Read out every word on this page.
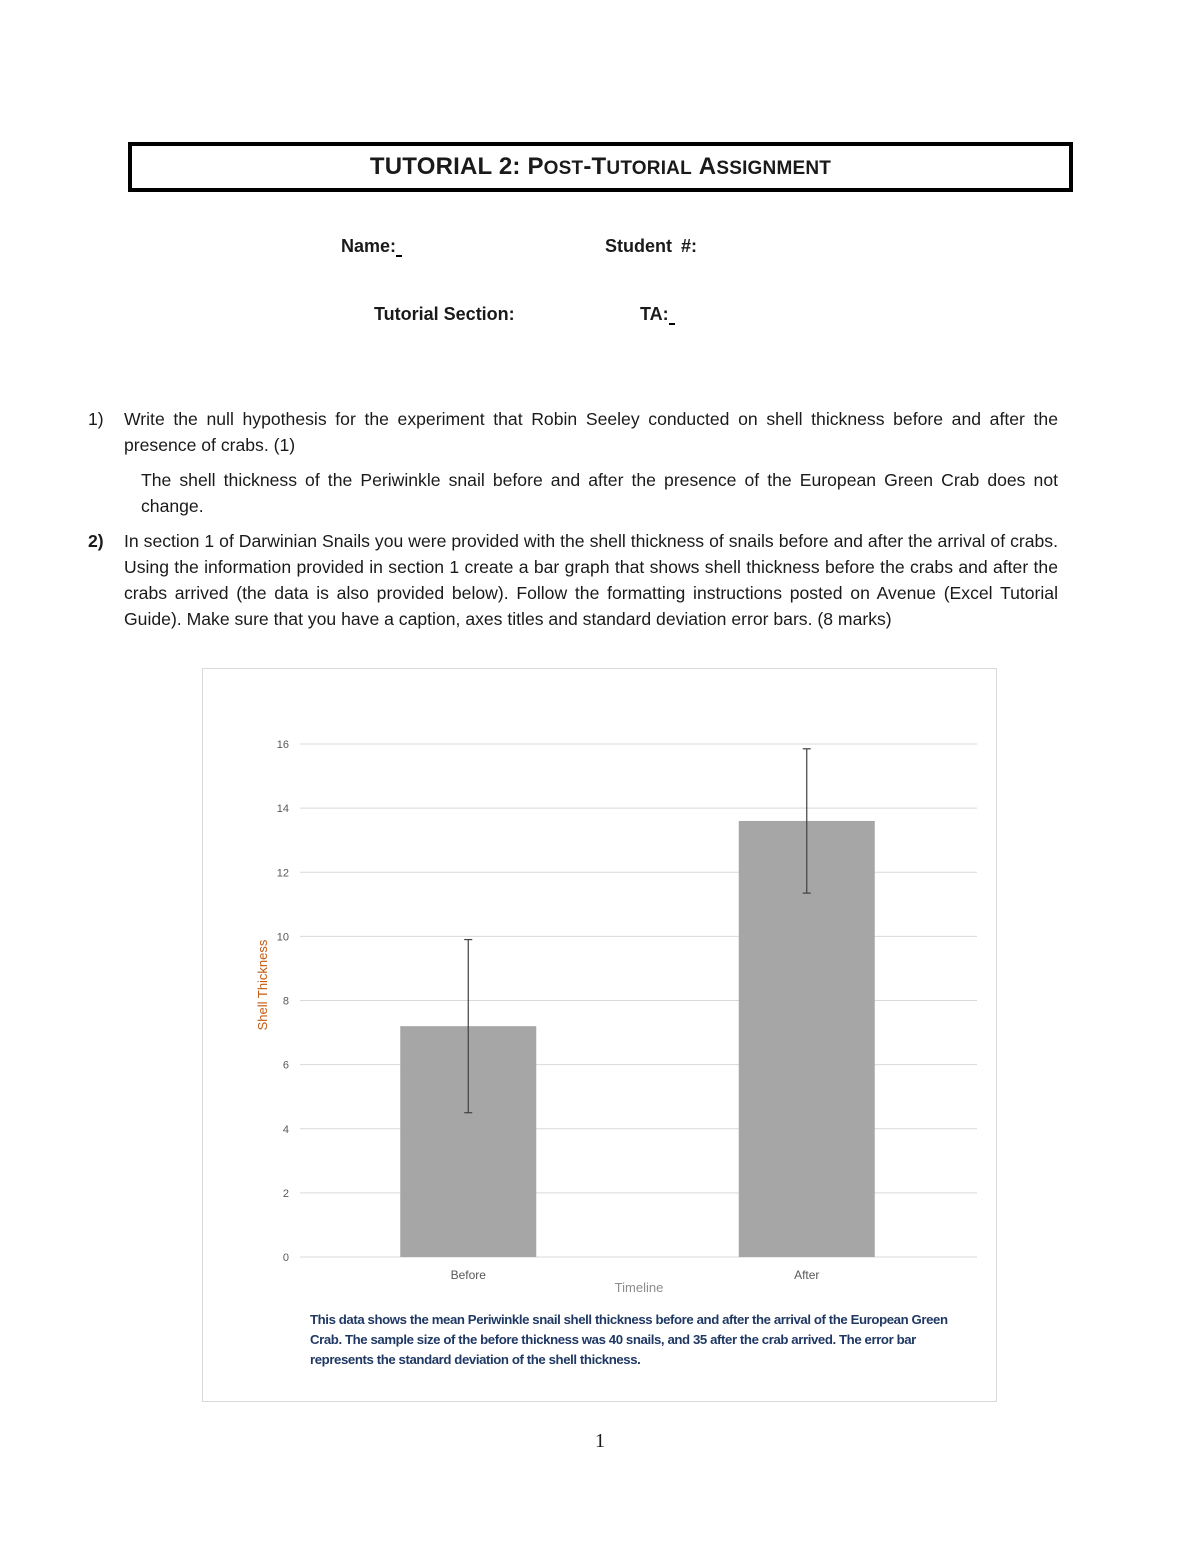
TUTORIAL 2: POST-TUTORIAL ASSIGNMENT
Name:	Student #:
Tutorial Section:	TA:
1) Write the null hypothesis for the experiment that Robin Seeley conducted on shell thickness before and after the presence of crabs. (1)
The shell thickness of the Periwinkle snail before and after the presence of the European Green Crab does not change.
2) In section 1 of Darwinian Snails you were provided with the shell thickness of snails before and after the arrival of crabs. Using the information provided in section 1 create a bar graph that shows shell thickness before the crabs and after the crabs arrived (the data is also provided below). Follow the formatting instructions posted on Avenue (Excel Tutorial Guide). Make sure that you have a caption, axes titles and standard deviation error bars. (8 marks)
0
2
4
6
8
10
12
14
16
Before	After
Timeline
Shell Thickness
This data shows the mean Periwinkle snail shell thickness before and after the arrival of the European Green Crab. The sample size of the before thickness was 40 snails, and 35 after the crab arrived. The error bar represents the standard deviation of the shell thickness.
1
